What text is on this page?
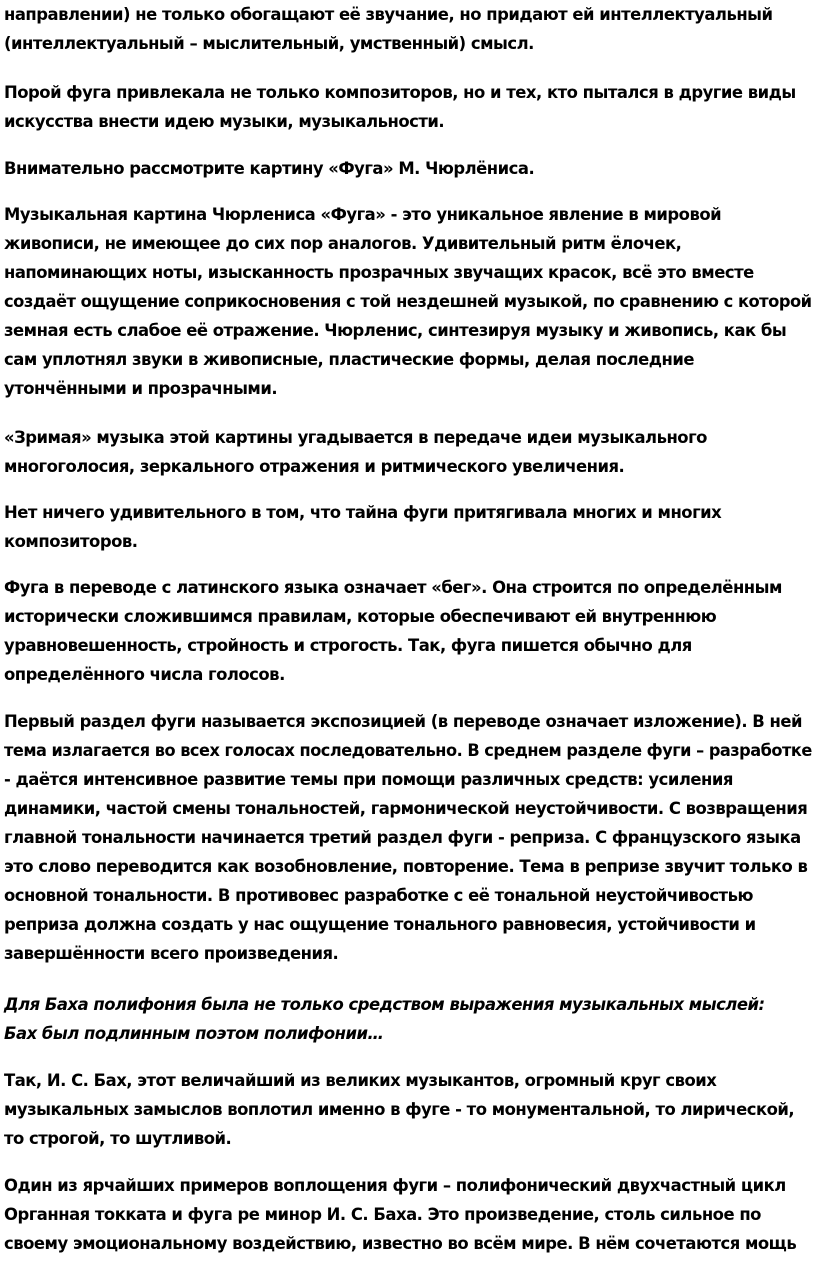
направлении) не только обогащают её звучание, но придают ей интеллектуальный
(интеллектуальный – мыслительный, умственный) смысл.

Порой фуга привлекала не только композиторов, но и тех, кто пытался в другие виды
искусства внести идею музыки, музыкальности.

Внимательно рассмотрите картину «Фуга» М. Чюрлёниса.

Музыкальная картина Чюрлениса «Фуга» - это уникальное явление в мировой
живописи, не имеющее до сих пор аналогов. Удивительный ритм ёлочек,
напоминающих ноты, изысканность прозрачных звучащих красок, всё это вместе
создаёт ощущение соприкосновения с той нездешней музыкой, по сравнению с которой
земная есть слабое её отражение. Чюрленис, синтезируя музыку и живопись, как бы
сам уплотнял звуки в живописные, пластические формы, делая последние
утончёнными и прозрачными.

«Зримая» музыка этой картины угадывается в передаче идеи музыкального
многоголосия, зеркального отражения и ритмического увеличения.

Нет ничего удивительного в том, что тайна фуги притягивала многих и многих
композиторов.

Фуга в переводе с латинского языка означает «бег». Она строится по определённым
исторически сложившимся правилам, которые обеспечивают ей внутреннюю
уравновешенность, стройность и строгость. Так, фуга пишется обычно для
определённого числа голосов.

Первый раздел фуги называется экспозицией (в переводе означает изложение). В ней
тема излагается во всех голосах последовательно. В среднем разделе фуги – разработке
- даётся интенсивное развитие темы при помощи различных средств: усиления
динамики, частой смены тональностей, гармонической неустойчивости. С возвращения
главной тональности начинается третий раздел фуги - реприза. С французского языка
это слово переводится как возобновление, повторение. Тема в репризе звучит только в
основной тональности. В противовес разработке с её тональной неустойчивостью
реприза должна создать у нас ощущение тонального равновесия, устойчивости и
завершённости всего произведения.

Для Баха полифония была не только средством выражения музыкальных мыслей:
Бах был подлинным поэтом полифонии…

Так, И. С. Бах, этот величайший из великих музыкантов, огромный круг своих
музыкальных замыслов воплотил именно в фуге - то монументальной, то лирической,
то строгой, то шутливой.

Один из ярчайших примеров воплощения фуги – полифонический двухчастный цикл
Органная токката и фуга ре минор И. С. Баха. Это произведение, столь сильное по
своему эмоциональному воздействию, известно во всём мире. В нём сочетаются мощь
